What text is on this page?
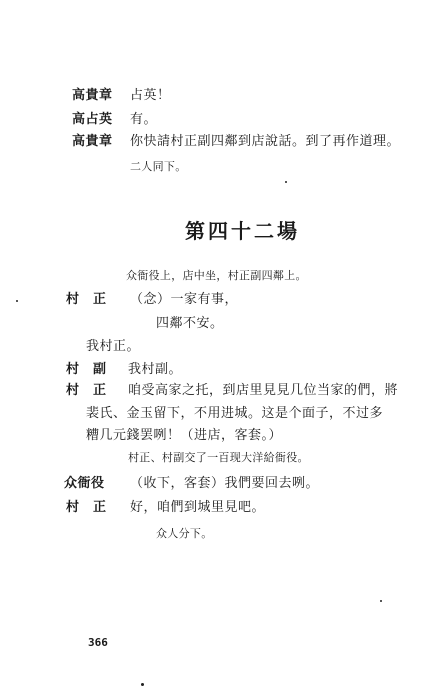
高貴章 占英！
高占英 有。
高貴章 你快請村正副四鄰到店說話。到了再作道理。
二人同下。
第四十二場
众衙役上，店中坐，村正副四鄰上。
村　正 （念）一家有事，
四鄰不安。
我村正。
村　副 我村副。
村　正 咱受高家之托，到店里見見几位当家的們，將
裴氏、金玉留下，不用进城。这是个面子，不过多
糟几元錢罢咧！（进店，客套。）
村正、村副交了一百现大洋給衙役。
众衙役 （收下，客套）我們要回去咧。
村　正 好，咱們到城里見吧。
众人分下。
366
